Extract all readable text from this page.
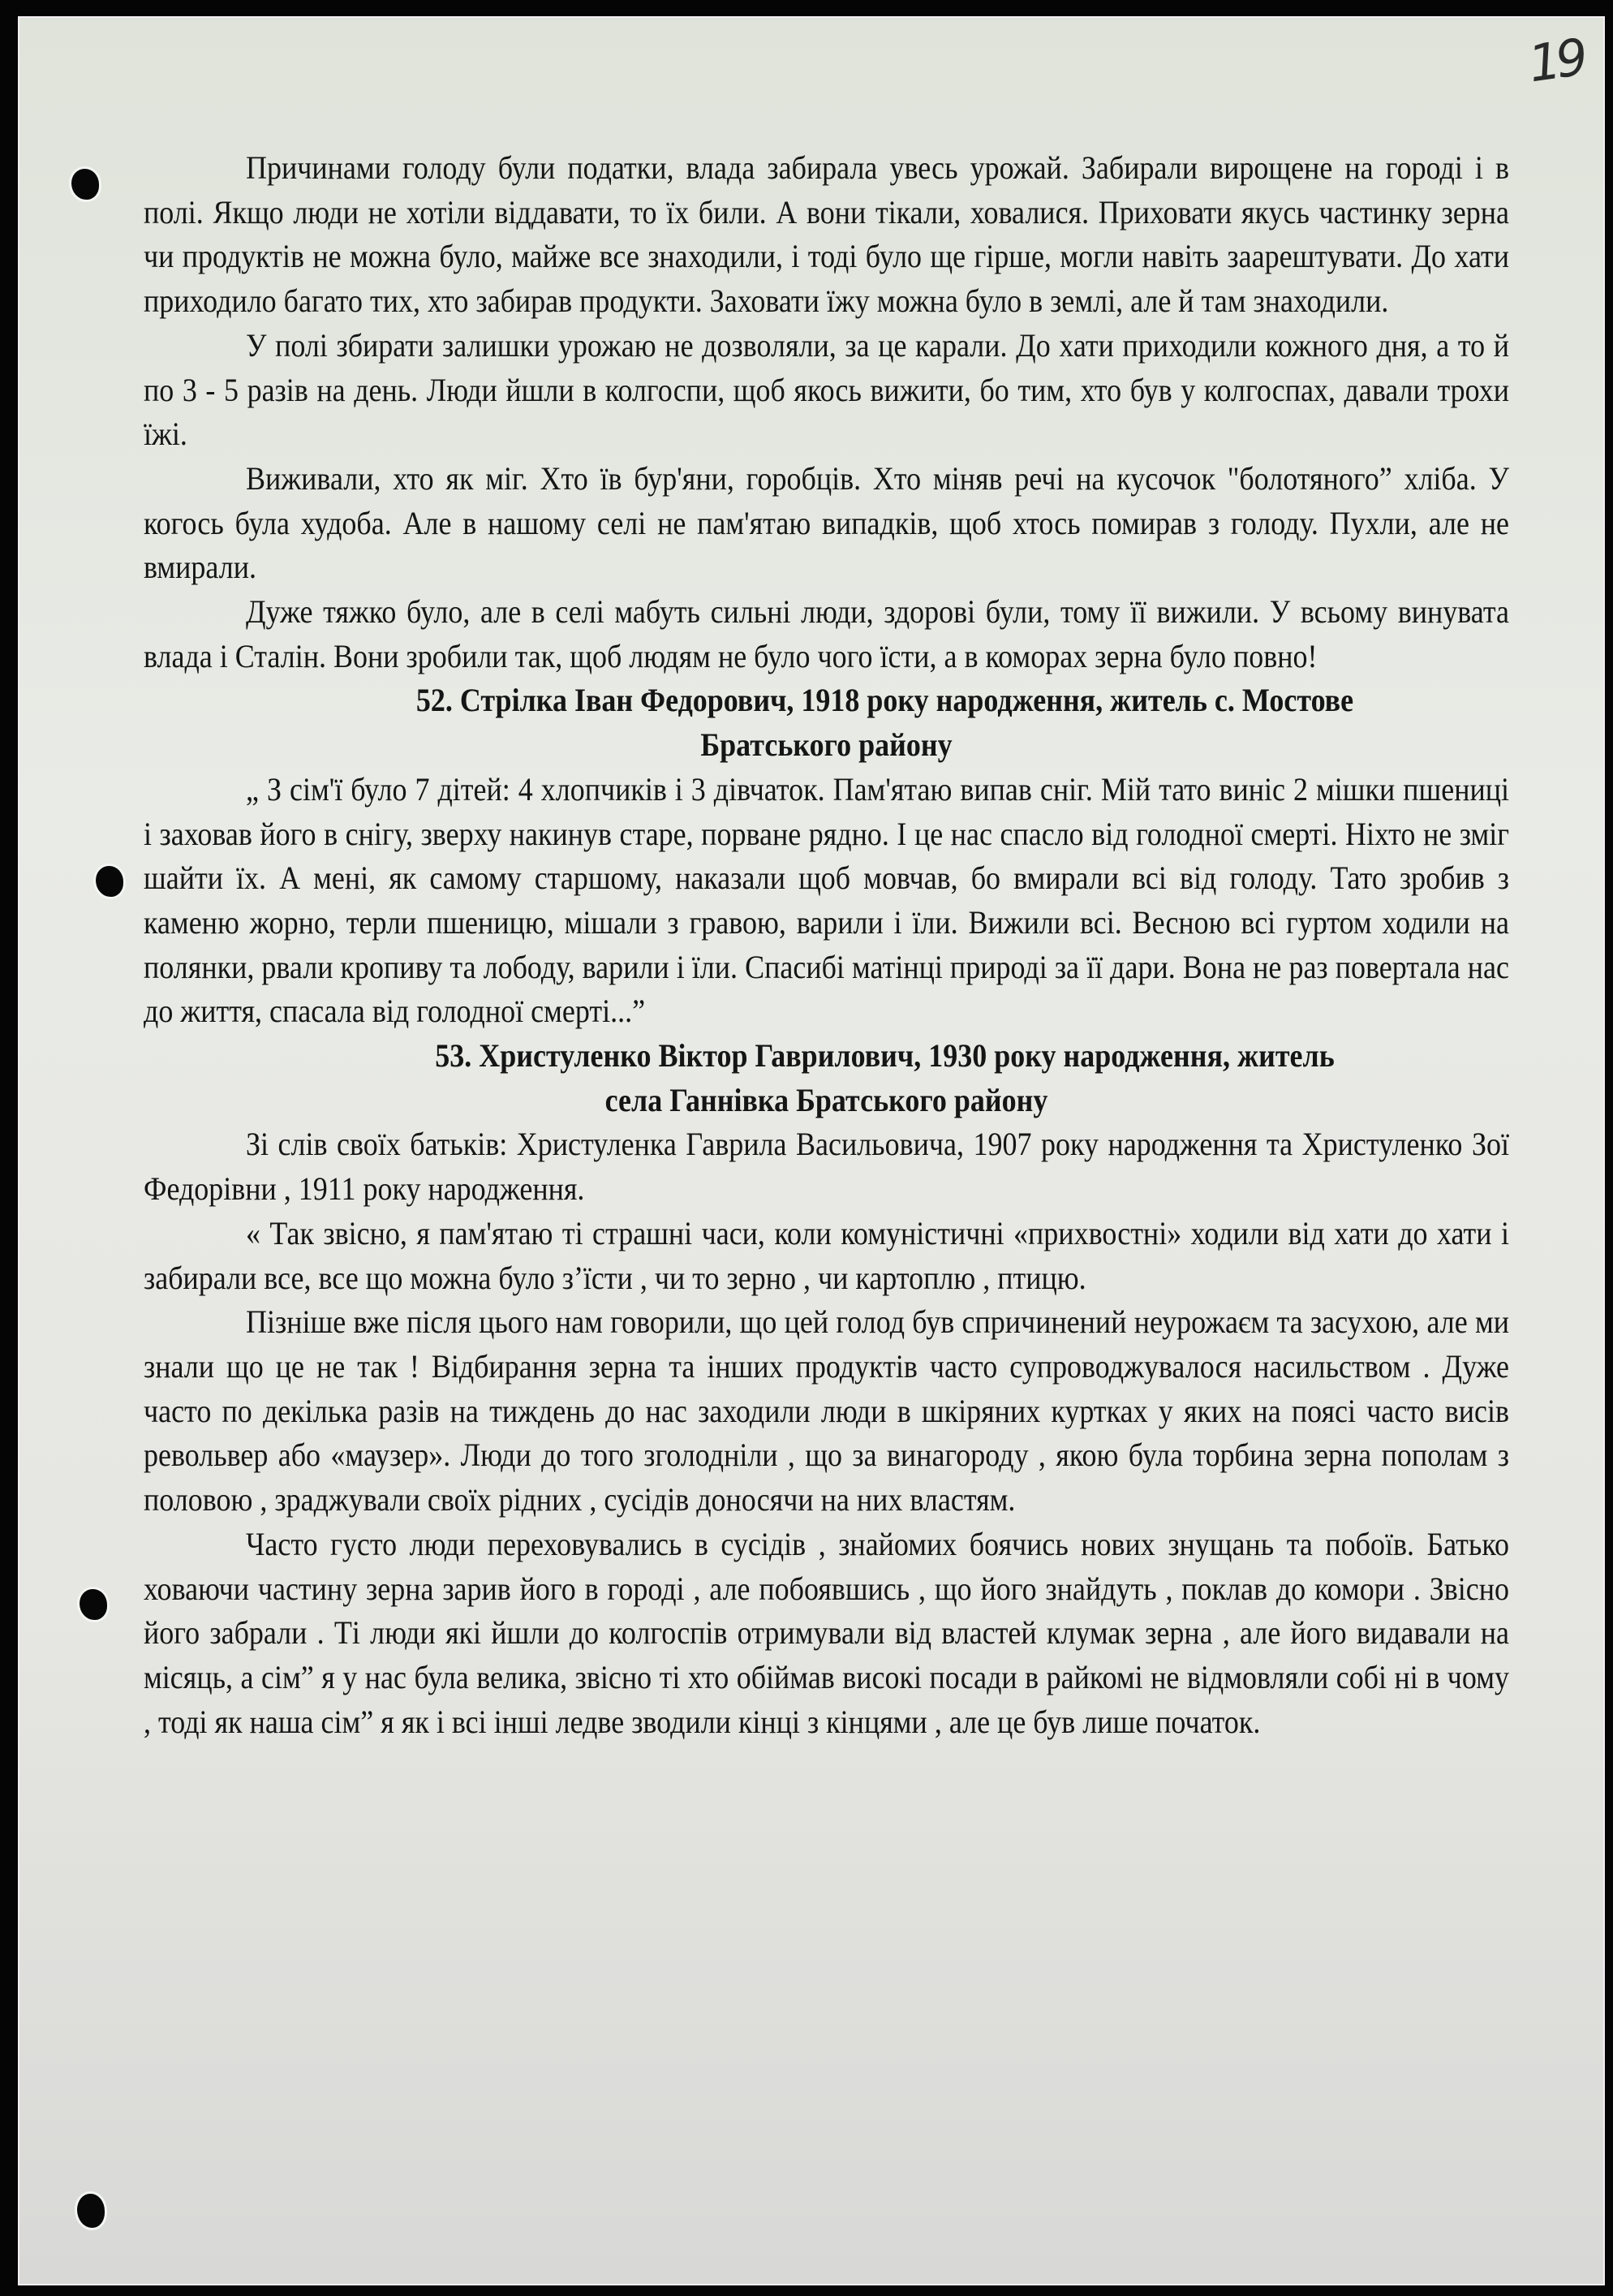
19

Причинами голоду були податки, влада забирала увесь урожай. Забирали вирощене на городі і в полі. Якщо люди не хотіли віддавати, то їх били. А вони тікали, ховалися. Приховати якусь частинку зерна чи продуктів не можна було, майже все знаходили, і тоді було ще гірше, могли навіть заарештувати. До хати приходило багато тих, хто забирав продукти. Заховати їжу можна було в землі, але й там знаходили.

У полі збирати залишки урожаю не дозволяли, за це карали. До хати приходили кожного дня, а то й по 3 - 5 разів на день. Люди йшли в колгоспи, щоб якось вижити, бо тим, хто був у колгоспах, давали трохи їжі.

Виживали, хто як міг. Хто їв бур'яни, горобців. Хто міняв речі на кусочок "болотяного” хліба. У когось була худоба. Але в нашому селі не пам'ятаю випадків, щоб хтось помирав з голоду. Пухли, але не вмирали.

Дуже тяжко було, але в селі мабуть сильні люди, здорові були, тому її вижили. У всьому винувата влада і Сталін. Вони зробили так, щоб людям не було чого їсти, а в коморах зерна було повно!

52. Стрілка Іван Федорович, 1918 року народження, житель с. Мостове

Братського району

„ З сім'ї було 7 дітей: 4 хлопчиків і 3 дівчаток. Пам'ятаю випав сніг. Мій тато виніс 2 мішки пшениці і заховав його в снігу, зверху накинув старе, порване рядно. І це нас спасло від голодної смерті. Ніхто не зміг шайти їх. А мені, як самому старшому, наказали щоб мовчав, бо вмирали всі від голоду. Тато зробив з каменю жорно, терли пшеницю, мішали з гравою, варили і їли. Вижили всі. Весною всі гуртом ходили на полянки, рвали кропиву та лободу, варили і їли. Спасибі матінці природі за її дари. Вона не раз повертала нас до життя, спасала від голодної смерті...”

53. Христуленко Віктор Гаврилович, 1930 року народження, житель

села Ганнівка Братського району

Зі слів своїх батьків: Христуленка Гаврила Васильовича, 1907 року народження та Христуленко Зої Федорівни , 1911 року народження.

« Так звісно, я пам'ятаю ті страшні часи, коли комуністичні «прихвостні» ходили від хати до хати і забирали все, все що можна було з’їсти , чи то зерно , чи картоплю , птицю.

Пізніше вже після цього нам говорили, що цей голод був спричинений неурожаєм та засухою, але ми знали що це не так ! Відбирання зерна та інших продуктів часто супроводжувалося насильством . Дуже часто по декілька разів на тиждень до нас заходили люди в шкіряних куртках у яких на поясі часто висів револьвер або «маузер». Люди до того зголодніли , що за винагороду , якою була торбина зерна пополам з половою , зраджували своїх рідних , сусідів доносячи на них властям.

Часто густо люди переховувались в сусідів , знайомих боячись нових знущань та побоїв. Батько ховаючи частину зерна зарив його в городі , але побоявшись , що його знайдуть , поклав до комори . Звісно його забрали . Ті люди які йшли до колгоспів отримували від властей клумак зерна , але його видавали на місяць, а сім” я у нас була велика, звісно ті хто обіймав високі посади в райкомі не відмовляли собі ні в чому , тоді як наша сім” я як і всі інші ледве зводили кінці з кінцями , але це був лише початок.
